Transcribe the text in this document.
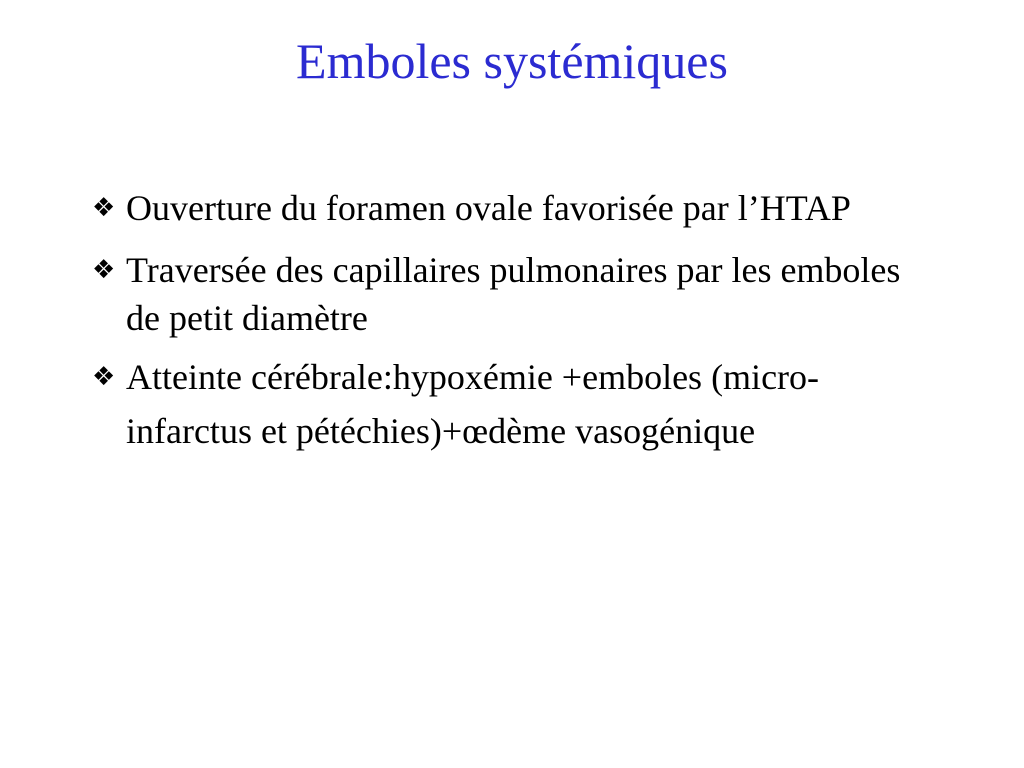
Emboles systémiques
❖ Ouverture du foramen ovale favorisée par l’HTAP
❖ Traversée des capillaires pulmonaires par les emboles de petit diamètre
❖ Atteinte cérébrale:hypoxémie +emboles (micro-infarctus et pétéchies)+œdème vasogénique
